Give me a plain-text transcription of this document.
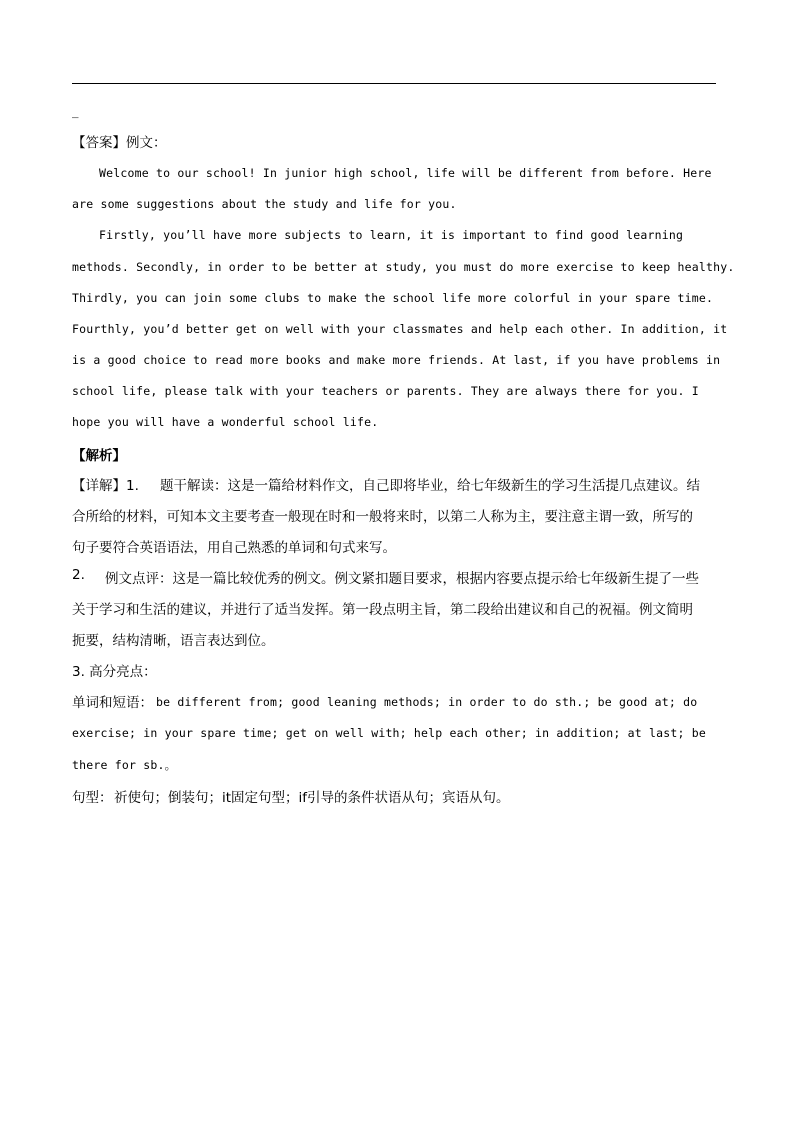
_
【答案】例文：
Welcome to our school! In junior high school, life will be different from before. Here
are some suggestions about the study and life for you.
Firstly, you’ll have more subjects to learn, it is important to find good learning
methods. Secondly, in order to be better at study, you must do more exercise to keep healthy.
Thirdly, you can join some clubs to make the school life more colorful in your spare time.
Fourthly, you’d better get on well with your classmates and help each other. In addition, it
is a good choice to read more books and make more friends. At last, if you have problems in
school life, please talk with your teachers or parents. They are always there for you. I
hope you will have a wonderful school life.
【解析】
【详解】1. 题干解读：这是一篇给材料作文，自己即将毕业，给七年级新生的学习生活提几点建议。结
合所给的材料，可知本文主要考查一般现在时和一般将来时，以第二人称为主，要注意主谓一致，所写的
句子要符合英语语法，用自己熟悉的单词和句式来写。
2. 例文点评：这是一篇比较优秀的例文。例文紧扣题目要求，根据内容要点提示给七年级新生提了一些
关于学习和生活的建议，并进行了适当发挥。第一段点明主旨，第二段给出建议和自己的祝福。例文简明
扼要，结构清晰，语言表达到位。
3. 高分亮点：
单词和短语： be different from; good leaning methods; in order to do sth.; be good at; do
exercise; in your spare time; get on well with; help each other; in addition; at last; be
there for sb.。
句型： 祈使句；倒装句；it固定句型；if引导的条件状语从句；宾语从句。
